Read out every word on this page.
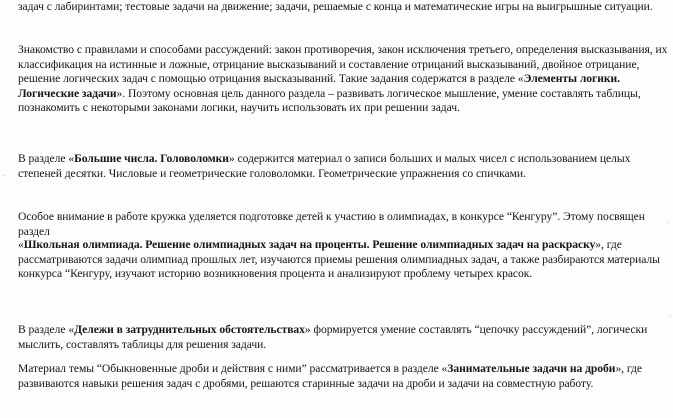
задач с лабиринтами; тестовые задачи на движение; задачи, решаемые с конца и математические игры на выигрышные ситуации.

Знакомство с правилами и способами рассуждений: закон противоречия, закон исключения третьего, определения высказывания, их классификация на истинные и ложные, отрицание высказываний и составление отрицаний высказываний, двойное отрицание, решение логических задач с помощью отрицания высказываний. Такие задания содержатся в разделе «Элементы логики. Логические задачи». Поэтому основная цель данного раздела – развивать логическое мышление, умение составлять таблицы, познакомить с некоторыми законами логики, научить использовать их при решении задач.

В разделе «Большие числа. Головоломки» содержится материал о записи больших и малых чисел с использованием целых степеней десятки. Числовые и геометрические головоломки. Геометрические упражнения со спичками.

Особое внимание в работе кружка уделяется подготовке детей к участию в олимпиадах, в конкурсе “Кенгуру”. Этому посвящен раздел

«Школьная олимпиада. Решение олимпиадных задач на проценты. Решение олимпиадных задач на раскраску», где рассматриваются задачи олимпиад прошлых лет, изучаются приемы решения олимпиадных задач, а также разбираются материалы конкурса “Кенгуру, изучают историю возникновения процента и анализируют проблему четырех красок.

В разделе «Дележи в затруднительных обстоятельствах» формируется умение составлять “цепочку рассуждений”, логически мыслить, составлять таблицы для решения задачи.

Материал темы “Обыкновенные дроби и действия с ними” рассматривается в разделе «Занимательные задачи на дроби», где развиваются навыки решения задач с дробями, решаются старинные задачи на дроби и задачи на совместную работу.
